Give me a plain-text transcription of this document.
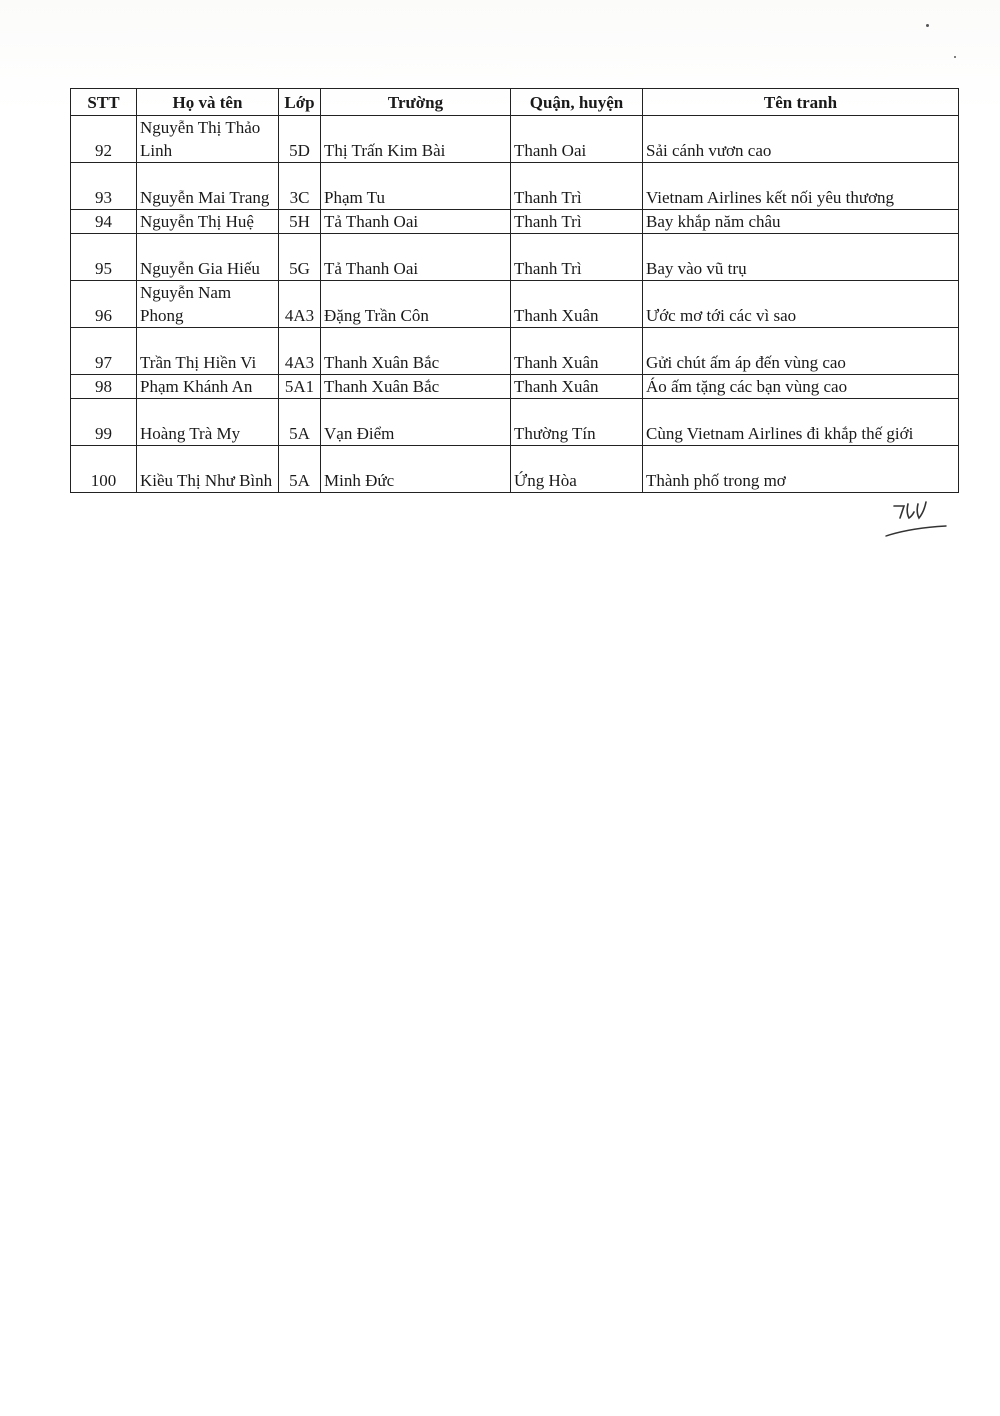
STT	Họ và tên	Lớp	Trường	Quận, huyện	Tên tranh
92	Nguyễn Thị Thảo Linh	5D	Thị Trấn Kim Bài	Thanh Oai	Sải cánh vươn cao
93	Nguyễn Mai Trang	3C	Phạm Tu	Thanh Trì	Vietnam Airlines kết nối yêu thương
94	Nguyễn Thị Huệ	5H	Tả Thanh Oai	Thanh Trì	Bay khắp năm châu
95	Nguyễn Gia Hiếu	5G	Tả Thanh Oai	Thanh Trì	Bay vào vũ trụ
96	Nguyễn Nam Phong	4A3	Đặng Trần Côn	Thanh Xuân	Ước mơ tới các vì sao
97	Trần Thị Hiền Vi	4A3	Thanh Xuân Bắc	Thanh Xuân	Gửi chút ấm áp đến vùng cao
98	Phạm Khánh An	5A1	Thanh Xuân Bắc	Thanh Xuân	Áo ấm tặng các bạn vùng cao
99	Hoàng Trà My	5A	Vạn Điểm	Thường Tín	Cùng Vietnam Airlines đi khắp thế giới
100	Kiều Thị Như Bình	5A	Minh Đức	Ứng Hòa	Thành phố trong mơ
